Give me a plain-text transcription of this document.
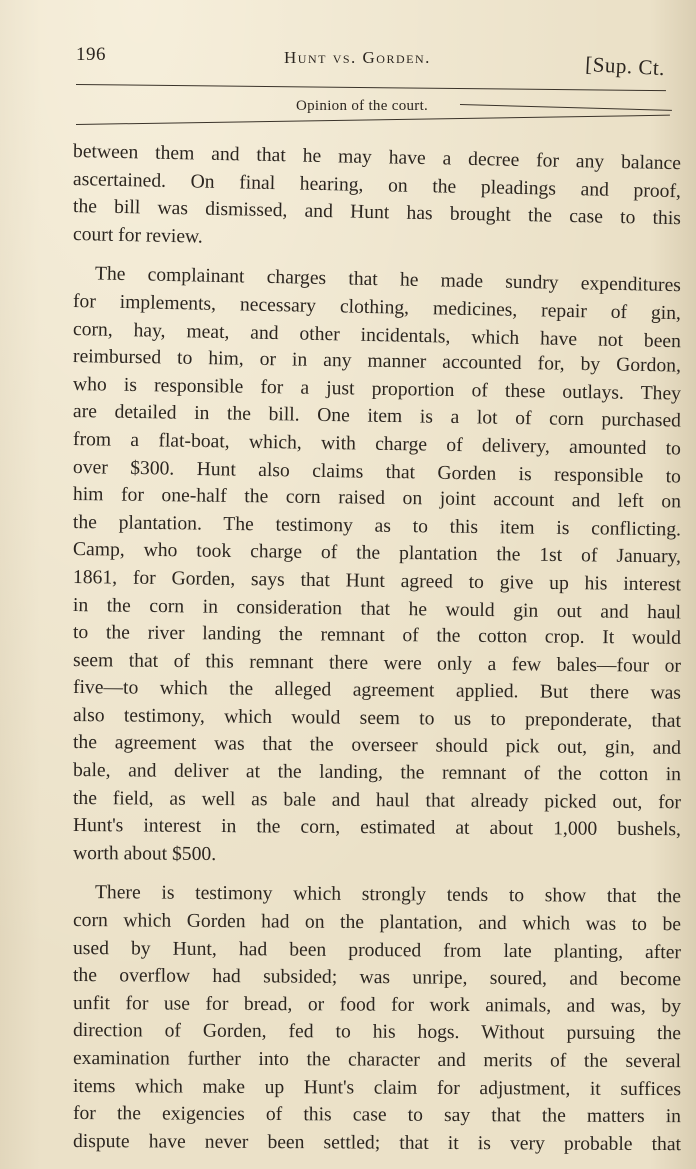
196	Hunt vs. Gorden.	[Sup. Ct.
Opinion of the court.
between them and that he may have a decree for any balance
ascertained. On final hearing, on the pleadings and proof,
the bill was dismissed, and Hunt has brought the case to this
court for review.
The complainant charges that he made sundry expenditures
for implements, necessary clothing, medicines, repair of gin,
corn, hay, meat, and other incidentals, which have not been
reimbursed to him, or in any manner accounted for, by Gordon,
who is responsible for a just proportion of these outlays. They
are detailed in the bill. One item is a lot of corn purchased
from a flat-boat, which, with charge of delivery, amounted to
over $300. Hunt also claims that Gorden is responsible to
him for one-half the corn raised on joint account and left on
the plantation. The testimony as to this item is conflicting.
Camp, who took charge of the plantation the 1st of January,
1861, for Gorden, says that Hunt agreed to give up his interest
in the corn in consideration that he would gin out and haul
to the river landing the remnant of the cotton crop. It would
seem that of this remnant there were only a few bales—four or
five—to which the alleged agreement applied. But there was
also testimony, which would seem to us to preponderate, that
the agreement was that the overseer should pick out, gin, and
bale, and deliver at the landing, the remnant of the cotton in
the field, as well as bale and haul that already picked out, for
Hunt's interest in the corn, estimated at about 1,000 bushels,
worth about $500.
There is testimony which strongly tends to show that the
corn which Gorden had on the plantation, and which was to be
used by Hunt, had been produced from late planting, after
the overflow had subsided; was unripe, soured, and become
unfit for use for bread, or food for work animals, and was, by
direction of Gorden, fed to his hogs. Without pursuing the
examination further into the character and merits of the several
items which make up Hunt's claim for adjustment, it suffices
for the exigencies of this case to say that the matters in
dispute have never been settled; that it is very probable that
